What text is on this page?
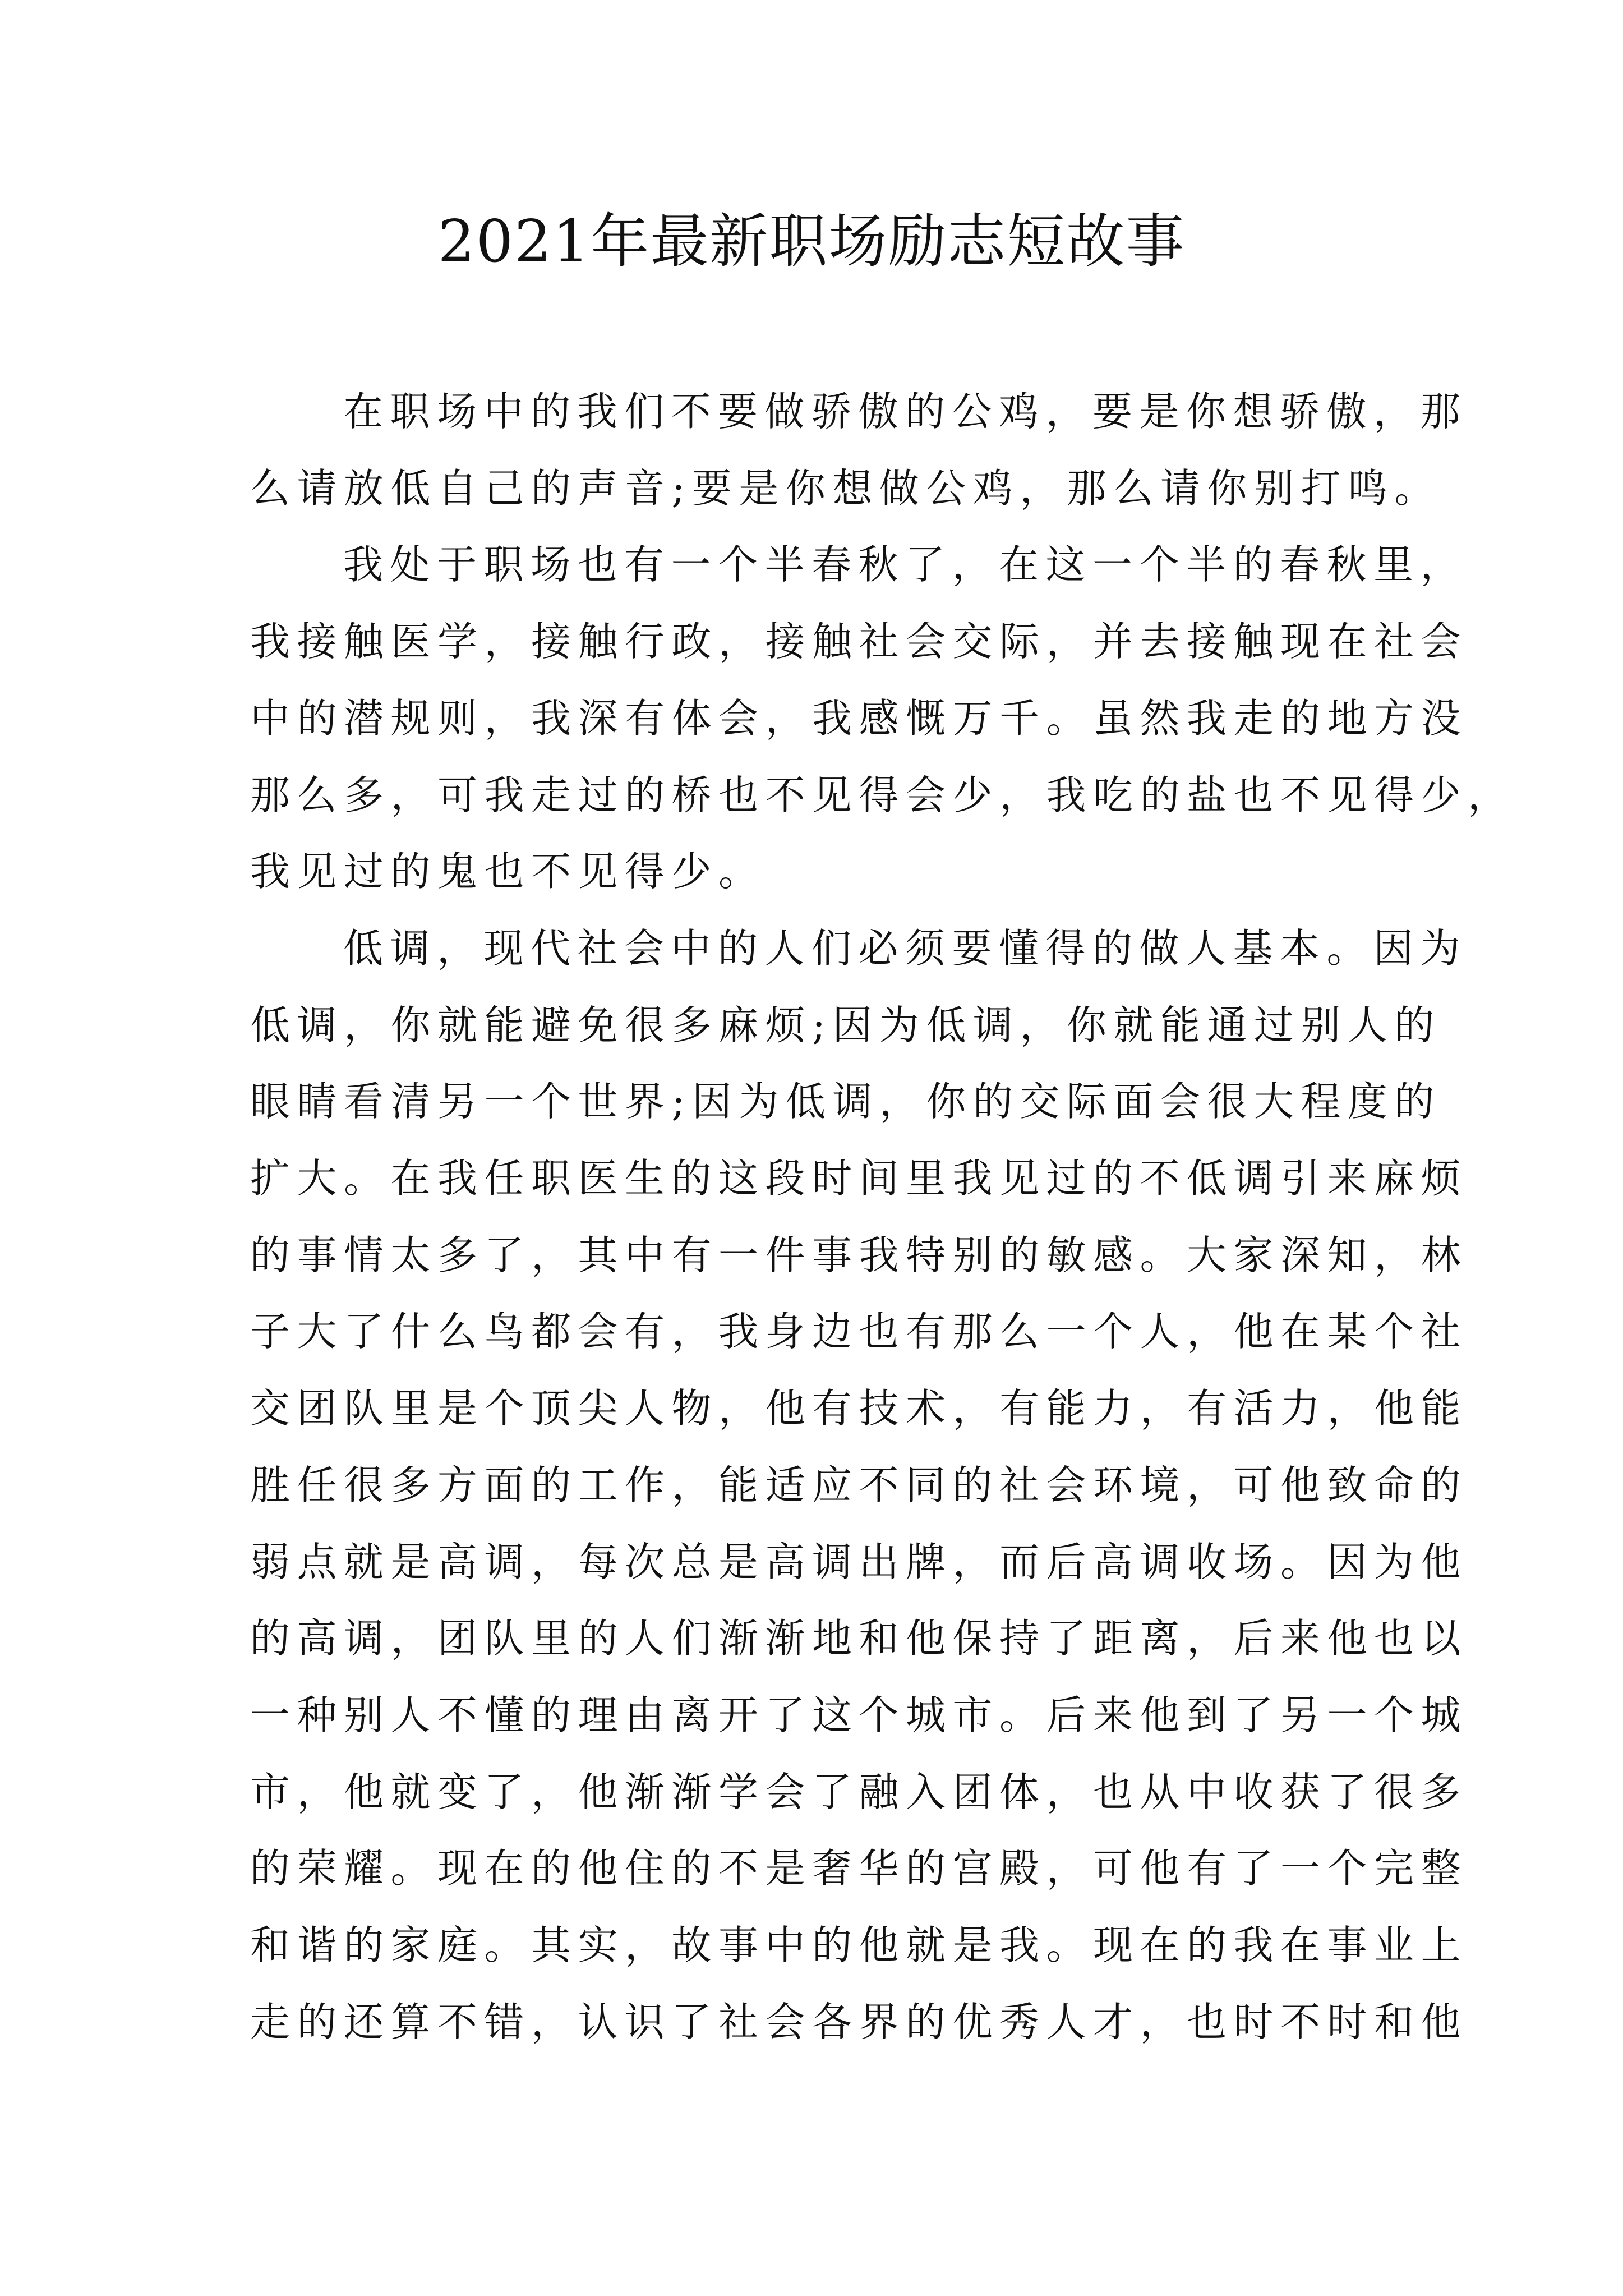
2021年最新职场励志短故事

在职场中的我们不要做骄傲的公鸡，要是你想骄傲，那
么请放低自己的声音;要是你想做公鸡，那么请你别打鸣。

我处于职场也有一个半春秋了，在这一个半的春秋里，
我接触医学，接触行政，接触社会交际，并去接触现在社会
中的潜规则，我深有体会，我感慨万千。虽然我走的地方没
那么多，可我走过的桥也不见得会少，我吃的盐也不见得少，
我见过的鬼也不见得少。

低调，现代社会中的人们必须要懂得的做人基本。因为
低调，你就能避免很多麻烦;因为低调，你就能通过别人的
眼睛看清另一个世界;因为低调，你的交际面会很大程度的
扩大。在我任职医生的这段时间里我见过的不低调引来麻烦
的事情太多了，其中有一件事我特别的敏感。大家深知，林
子大了什么鸟都会有，我身边也有那么一个人，他在某个社
交团队里是个顶尖人物，他有技术，有能力，有活力，他能
胜任很多方面的工作，能适应不同的社会环境，可他致命的
弱点就是高调，每次总是高调出牌，而后高调收场。因为他
的高调，团队里的人们渐渐地和他保持了距离，后来他也以
一种别人不懂的理由离开了这个城市。后来他到了另一个城
市，他就变了，他渐渐学会了融入团体，也从中收获了很多
的荣耀。现在的他住的不是奢华的宫殿，可他有了一个完整
和谐的家庭。其实，故事中的他就是我。现在的我在事业上
走的还算不错，认识了社会各界的优秀人才，也时不时和他
